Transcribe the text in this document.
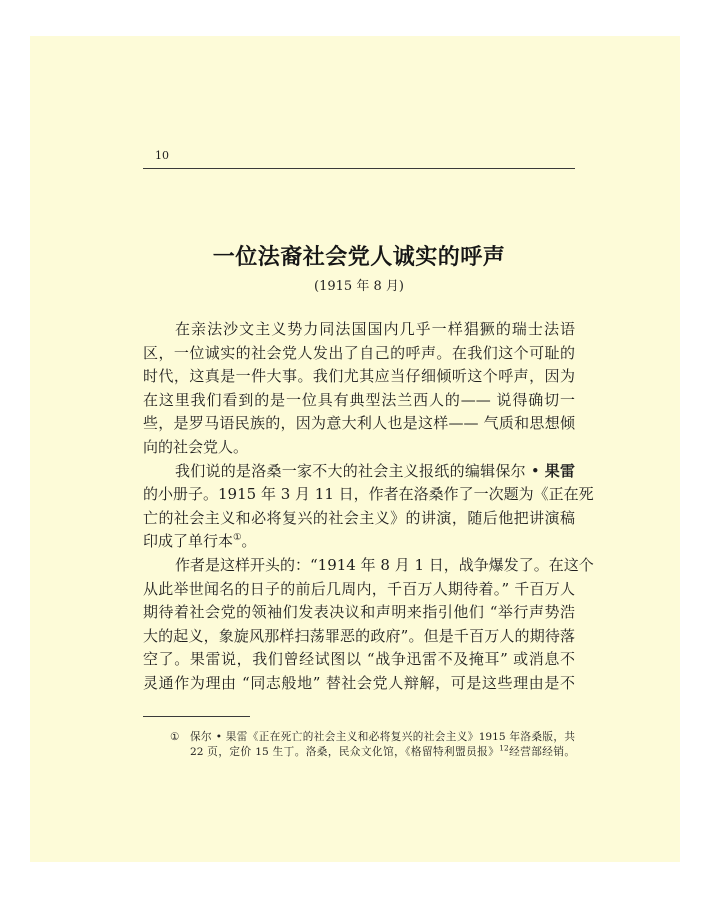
10
一位法裔社会党人诚实的呼声
(1915 年 8 月)
在亲法沙文主义势力同法国国内几乎一样猖獗的瑞士法语
区，一位诚实的社会党人发出了自己的呼声。在我们这个可耻的
时代，这真是一件大事。我们尤其应当仔细倾听这个呼声，因为
在这里我们看到的是一位具有典型法兰西人的—— 说得确切一
些，是罗马语民族的，因为意大利人也是这样—— 气质和思想倾
向的社会党人。
我们说的是洛桑一家不大的社会主义报纸的编辑保尔 • 果雷
的小册子。1915 年 3 月 11 日，作者在洛桑作了一次题为《正在死
亡的社会主义和必将复兴的社会主义》的讲演，随后他把讲演稿
印成了单行本①。
作者是这样开头的：“1914 年 8 月 1 日，战争爆发了。在这个
从此举世闻名的日子的前后几周内，千百万人期待着。” 千百万人
期待着社会党的领袖们发表决议和声明来指引他们 “举行声势浩
大的起义，象旋风那样扫荡罪恶的政府”。但是千百万人的期待落
空了。果雷说，我们曾经试图以 “战争迅雷不及掩耳” 或消息不
灵通作为理由 “同志般地” 替社会党人辩解，可是这些理由是不
① 保尔 • 果雷《正在死亡的社会主义和必将复兴的社会主义》1915 年洛桑版，共
22 页，定价 15 生丁。洛桑，民众文化馆，《格留特利盟员报》$^{12}$经营部经销。
